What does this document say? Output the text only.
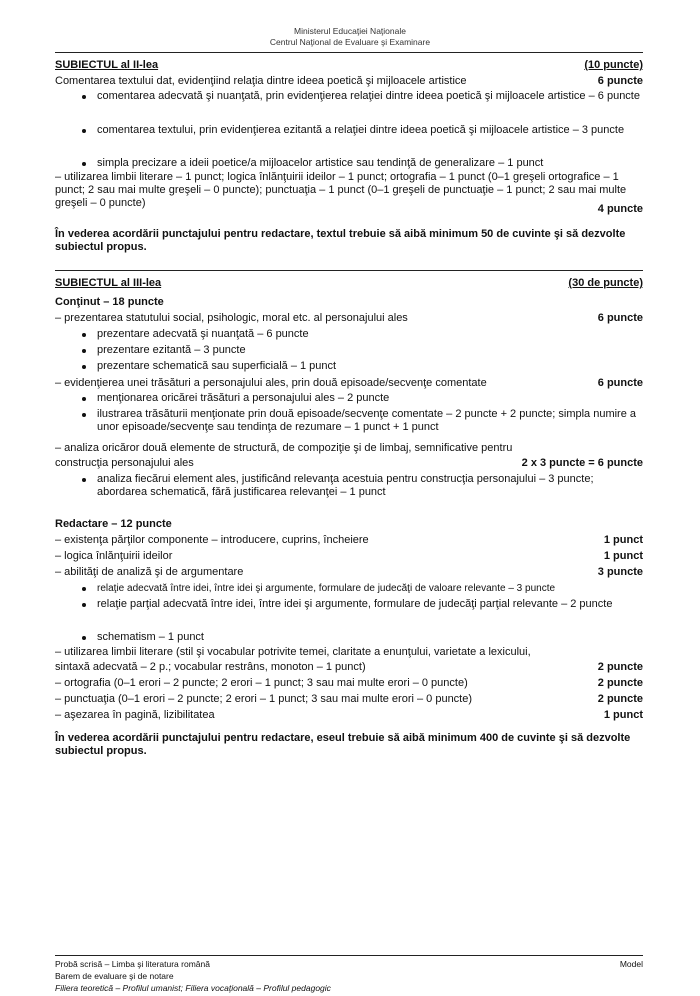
Ministerul Educaţiei Naţionale
Centrul Naţional de Evaluare şi Examinare
SUBIECTUL al II-lea	(10 puncte)
Comentarea textului dat, evidenţiind relaţia dintre ideea poetică şi mijloacele artistice	6 puncte
comentarea adecvată şi nuanţată, prin evidenţierea relaţiei dintre ideea poetică şi mijloacele artistice – 6 puncte
comentarea textului, prin evidenţierea ezitantă a relaţiei dintre ideea poetică şi mijloacele artistice – 3 puncte
simpla precizare a ideii poetice/a mijloacelor artistice sau tendinţă de generalizare – 1 punct
– utilizarea limbii literare – 1 punct; logica înlănţuirii ideilor – 1 punct; ortografia – 1 punct (0–1 greşeli ortografice – 1 punct; 2 sau mai multe greşeli – 0 puncte); punctuaţia – 1 punct (0–1 greşeli de punctuaţie – 1 punct; 2 sau mai multe greşeli – 0 puncte)	4 puncte
În vederea acordării punctajului pentru redactare, textul trebuie să aibă minimum 50 de cuvinte şi să dezvolte subiectul propus.
SUBIECTUL al III-lea	(30 de puncte)
Conţinut – 18 puncte
– prezentarea statutului social, psihologic, moral etc. al personajului ales	6 puncte
prezentare adecvată şi nuanţată – 6 puncte
prezentare ezitantă – 3 puncte
prezentare schematică sau superficială – 1 punct
– evidenţierea unei trăsături a personajului ales, prin două episoade/secvenţe comentate	6 puncte
menţionarea oricărei trăsături a personajului ales – 2 puncte
ilustrarea trăsăturii menţionate prin două episoade/secvenţe comentate – 2 puncte + 2 puncte; simpla numire a unor episoade/secvenţe sau tendinţa de rezumare – 1 punct + 1 punct
– analiza oricăror două elemente de structură, de compoziţie şi de limbaj, semnificative pentru
construcţia personajului ales	2 x 3 puncte = 6 puncte
analiza fiecărui element ales, justificând relevanţa acestuia pentru construcţia personajului – 3 puncte; abordarea schematică, fără justificarea relevanţei – 1 punct
Redactare – 12 puncte
– existenţa părţilor componente – introducere, cuprins, încheiere	1 punct
– logica înlănţuirii ideilor	1 punct
– abilităţi de analiză şi de argumentare	3 puncte
relaţie adecvată între idei, între idei şi argumente, formulare de judecăţi de valoare relevante – 3 puncte
relaţie parţial adecvată între idei, între idei şi argumente, formulare de judecăţi parţial relevante – 2 puncte
schematism – 1 punct
– utilizarea limbii literare (stil şi vocabular potrivite temei, claritate a enunţului, varietate a lexicului,
sintaxă adecvată – 2 p.; vocabular restrâns, monoton – 1 punct)	2 puncte
– ortografia (0–1 erori – 2 puncte; 2 erori – 1 punct; 3 sau mai multe erori – 0 puncte)	2 puncte
– punctuaţia (0–1 erori – 2 puncte; 2 erori – 1 punct; 3 sau mai multe erori – 0 puncte)	2 puncte
– aşezarea în pagină, lizibilitatea	1 punct
În vederea acordării punctajului pentru redactare, eseul trebuie să aibă minimum 400 de cuvinte şi să dezvolte subiectul propus.
Probă scrisă – Limba şi literatura română	Model
Barem de evaluare şi de notare
Filiera teoretică – Profilul umanist; Filiera vocaţională – Profilul pedagogic
